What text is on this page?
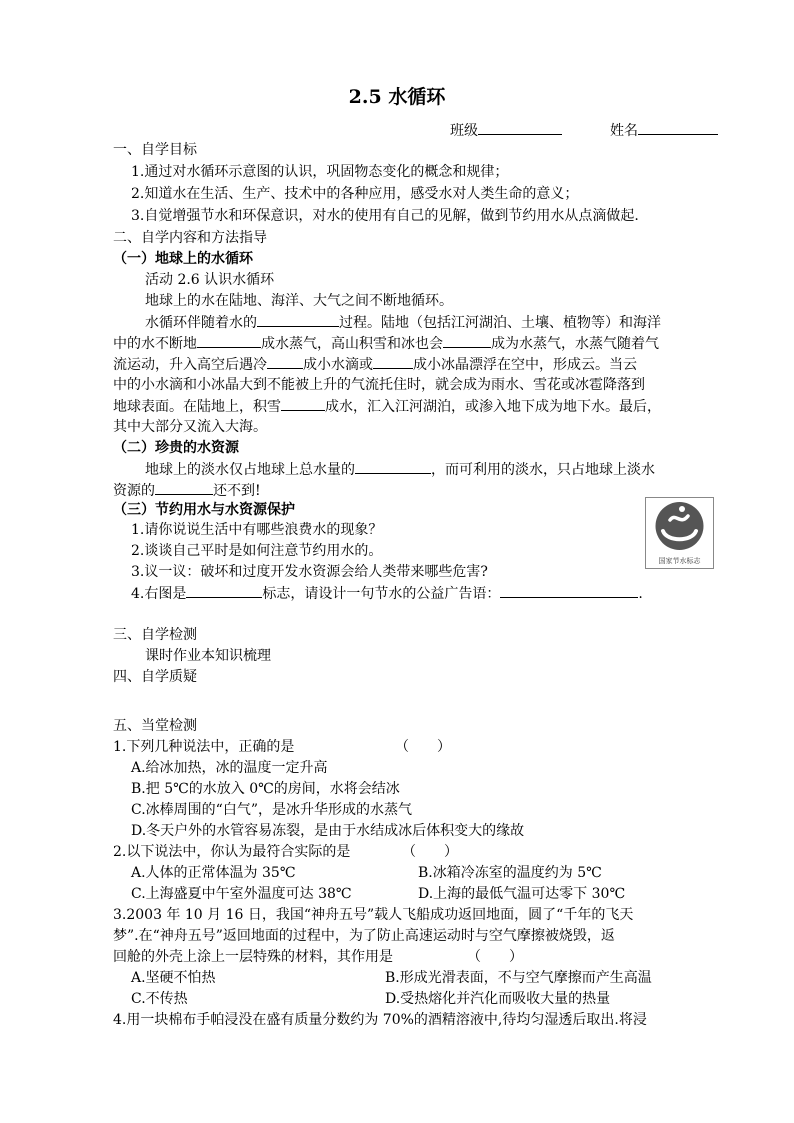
2.5 水循环
班级	姓名
一、自学目标
1.通过对水循环示意图的认识，巩固物态变化的概念和规律；
2.知道水在生活、生产、技术中的各种应用，感受水对人类生命的意义；
3.自觉增强节水和环保意识，对水的使用有自己的见解，做到节约用水从点滴做起.
二、自学内容和方法指导
（一）地球上的水循环
活动 2.6 认识水循环
地球上的水在陆地、海洋、大气之间不断地循环。
水循环伴随着水的	过程。陆地（包括江河湖泊、土壤、植物等）和海洋
中的水不断地	成水蒸气，高山积雪和冰也会	成为水蒸气，水蒸气随着气
流运动，升入高空后遇冷	成小水滴或	成小冰晶漂浮在空中，形成云。当云
中的小水滴和小冰晶大到不能被上升的气流托住时，就会成为雨水、雪花或冰雹降落到
地球表面。在陆地上，积雪	成水，汇入江河湖泊，或渗入地下成为地下水。最后，
其中大部分又流入大海。
（二）珍贵的水资源
地球上的淡水仅占地球上总水量的	，而可利用的淡水，只占地球上淡水
资源的	还不到!
（三）节约用水与水资源保护
1.请你说说生活中有哪些浪费水的现象？
2.谈谈自己平时是如何注意节约用水的。
3.议一议：破坏和过度开发水资源会给人类带来哪些危害?
4.右图是	标志，请设计一句节水的公益广告语：	.
国家节水标志
三、自学检测
课时作业本知识梳理
四、自学质疑
五、当堂检测
1.下列几种说法中，正确的是	（　　）
A.给冰加热，冰的温度一定升高
B.把 5℃的水放入 0℃的房间，水将会结冰
C.冰棒周围的“白气”，是冰升华形成的水蒸气
D.冬天户外的水管容易冻裂，是由于水结成冰后体积变大的缘故
2.以下说法中，你认为最符合实际的是	（　　）
A.人体的正常体温为 35℃	B.冰箱冷冻室的温度约为 5℃
C.上海盛夏中午室外温度可达 38℃	D.上海的最低气温可达零下 30℃
3.2003 年 10 月 16 日，我国“神舟五号”载人飞船成功返回地面，圆了“千年的飞天
梦”.在“神舟五号”返回地面的过程中，为了防止高速运动时与空气摩擦被烧毁，返
回舱的外壳上涂上一层特殊的材料，其作用是	（　　）
A.坚硬不怕热	B.形成光滑表面，不与空气摩擦而产生高温
C.不传热	D.受热熔化并汽化而吸收大量的热量
4.用一块棉布手帕浸没在盛有质量分数约为 70%的酒精溶液中,待均匀湿透后取出.将浸
